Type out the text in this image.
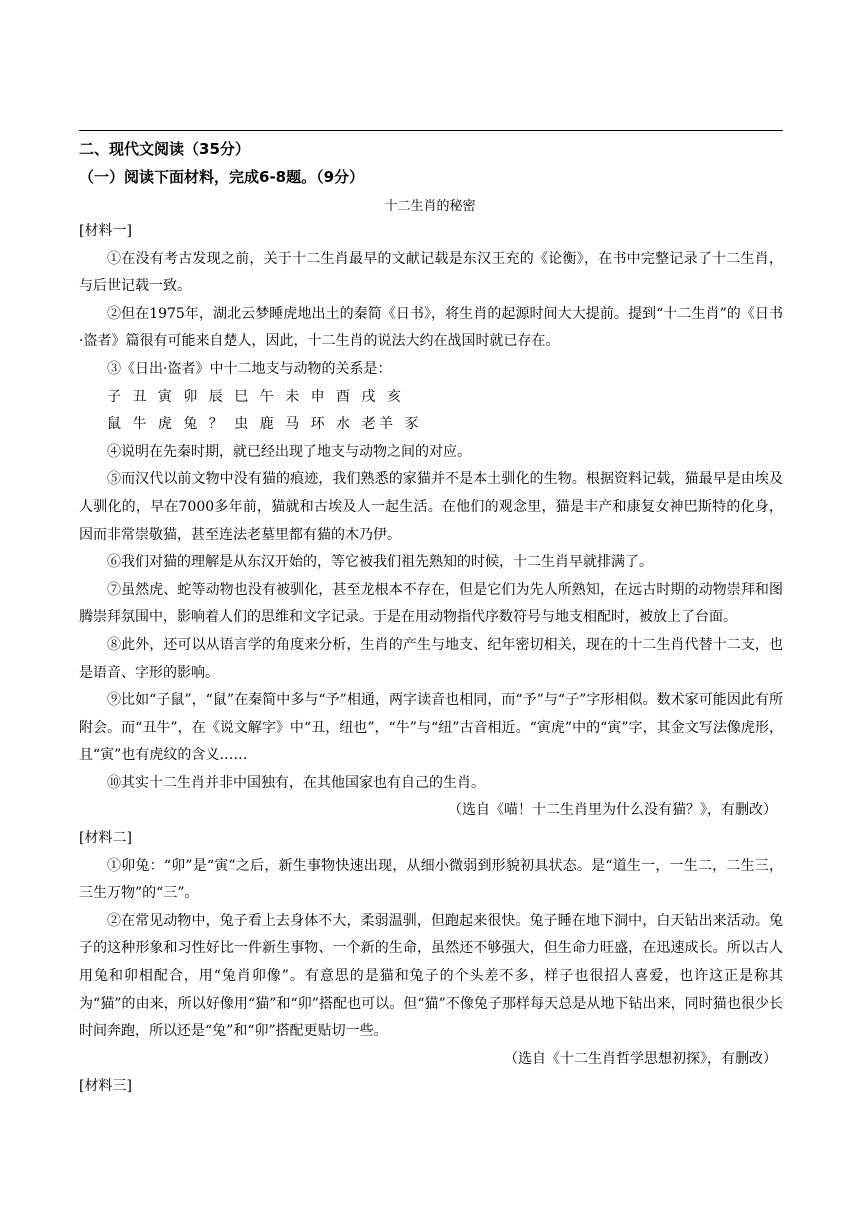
二、现代文阅读（35分）
（一）阅读下面材料，完成6-8题。（9分）
十二生肖的秘密

[材料一]

①在没有考古发现之前，关于十二生肖最早的文献记载是东汉王充的《论衡》，在书中完整记录了十二生肖，与后世记载一致。

②但在1975年，湖北云梦睡虎地出土的秦简《日书》，将生肖的起源时间大大提前。提到“十二生肖”的《日书·盗者》篇很有可能来自楚人，因此，十二生肖的说法大约在战国时就已存在。

③《日出·盗者》中十二地支与动物的关系是：

子 丑 寅 卯 辰 巳 午 未 申 酉 戌 亥

鼠 牛 虎 兔 ？ 虫 鹿 马 环 水 老羊 豕

④说明在先秦时期，就已经出现了地支与动物之间的对应。

⑤而汉代以前文物中没有猫的痕迹，我们熟悉的家猫并不是本土驯化的生物。根据资料记载，猫最早是由埃及人驯化的，早在7000多年前，猫就和古埃及人一起生活。在他们的观念里，猫是丰产和康复女神巴斯特的化身，因而非常崇敬猫，甚至连法老墓里都有猫的木乃伊。

⑥我们对猫的理解是从东汉开始的，等它被我们祖先熟知的时候，十二生肖早就排满了。

⑦虽然虎、蛇等动物也没有被驯化，甚至龙根本不存在，但是它们为先人所熟知，在远古时期的动物崇拜和图腾崇拜氛围中，影响着人们的思维和文字记录。于是在用动物指代序数符号与地支相配时，被放上了台面。

⑧此外，还可以从语言学的角度来分析，生肖的产生与地支、纪年密切相关，现在的十二生肖代替十二支，也是语音、字形的影响。

⑨比如“子鼠”，“鼠”在秦简中多与“予”相通，两字读音也相同，而“予”与“子”字形相似。数术家可能因此有所附会。而“丑牛”，在《说文解字》中“丑，纽也”，“牛”与“纽”古音相近。“寅虎”中的“寅”字，其金文写法像虎形，且“寅”也有虎纹的含义……

⑩其实十二生肖并非中国独有，在其他国家也有自己的生肖。

（选自《喵！十二生肖里为什么没有猫？》，有删改）

[材料二]

①卯兔：“卯”是“寅”之后，新生事物快速出现，从细小微弱到形貌初具状态。是“道生一，一生二，二生三，三生万物”的“三”。

②在常见动物中，兔子看上去身体不大，柔弱温驯，但跑起来很快。兔子睡在地下洞中，白天钻出来活动。兔子的这种形象和习性好比一件新生事物、一个新的生命，虽然还不够强大，但生命力旺盛，在迅速成长。所以古人用兔和卯相配合，用“兔肖卯像”。有意思的是猫和兔子的个头差不多，样子也很招人喜爱，也许这正是称其为“猫”的由来，所以好像用“猫”和“卯”搭配也可以。但“猫”不像兔子那样每天总是从地下钻出来，同时猫也很少长时间奔跑，所以还是“兔”和“卯”搭配更贴切一些。

（选自《十二生肖哲学思想初探》，有删改）

[材料三]
